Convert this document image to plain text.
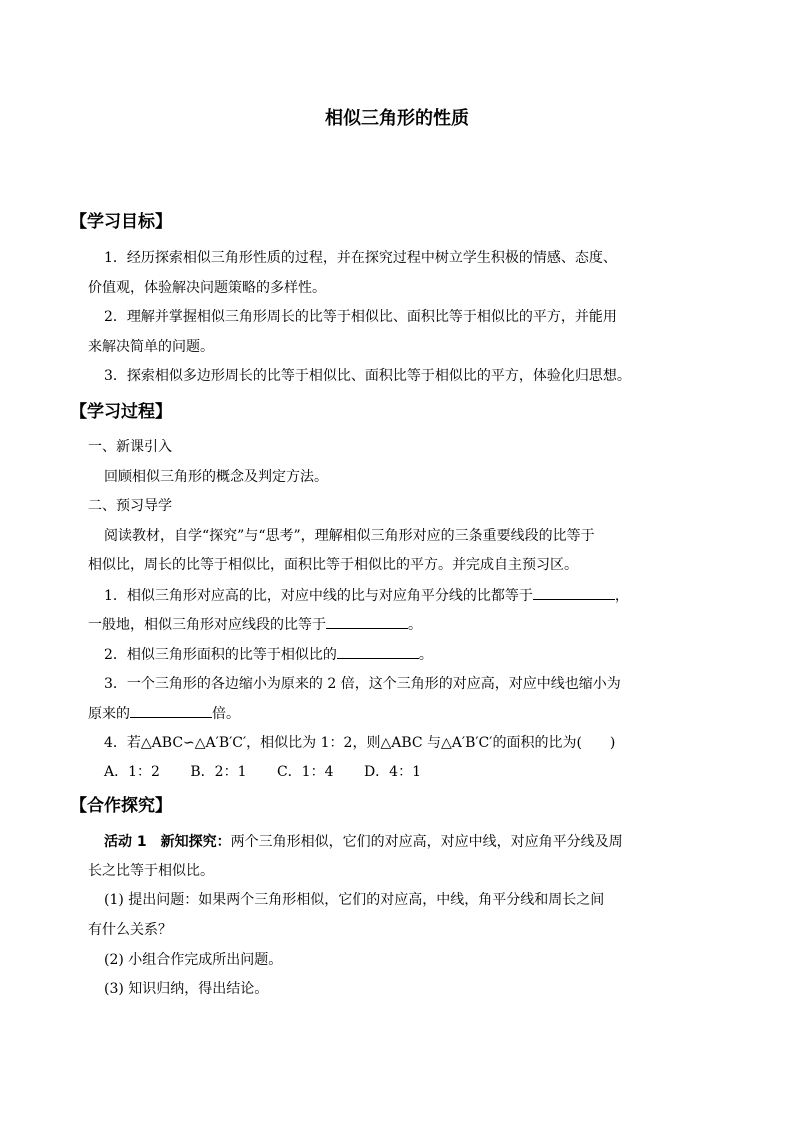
相似三角形的性质
【学习目标】
1．经历探索相似三角形性质的过程，并在探究过程中树立学生积极的情感、态度、
价值观，体验解决问题策略的多样性。
2．理解并掌握相似三角形周长的比等于相似比、面积比等于相似比的平方，并能用
来解决简单的问题。
3．探索相似多边形周长的比等于相似比、面积比等于相似比的平方，体验化归思想。
【学习过程】
一、新课引入
回顾相似三角形的概念及判定方法。
二、预习导学
阅读教材，自学“探究”与“思考”，理解相似三角形对应的三条重要线段的比等于
相似比，周长的比等于相似比，面积比等于相似比的平方。并完成自主预习区。
1．相似三角形对应高的比，对应中线的比与对应角平分线的比都等于	，
一般地，相似三角形对应线段的比等于	。
2．相似三角形面积的比等于相似比的	。
3．一个三角形的各边缩小为原来的 2 倍，这个三角形的对应高，对应中线也缩小为
原来的	倍。
4．若△ABC∽△A′B′C′，相似比为 1：2，则△ABC 与△A′B′C′的面积的比为(　　)
A．1：2 B．2：1 C．1：4 D．4：1
【合作探究】
活动 1　新知探究：两个三角形相似，它们的对应高，对应中线，对应角平分线及周
长之比等于相似比。
(1) 提出问题：如果两个三角形相似，它们的对应高，中线，角平分线和周长之间
有什么关系？
(2) 小组合作完成所出问题。
(3) 知识归纳，得出结论。
